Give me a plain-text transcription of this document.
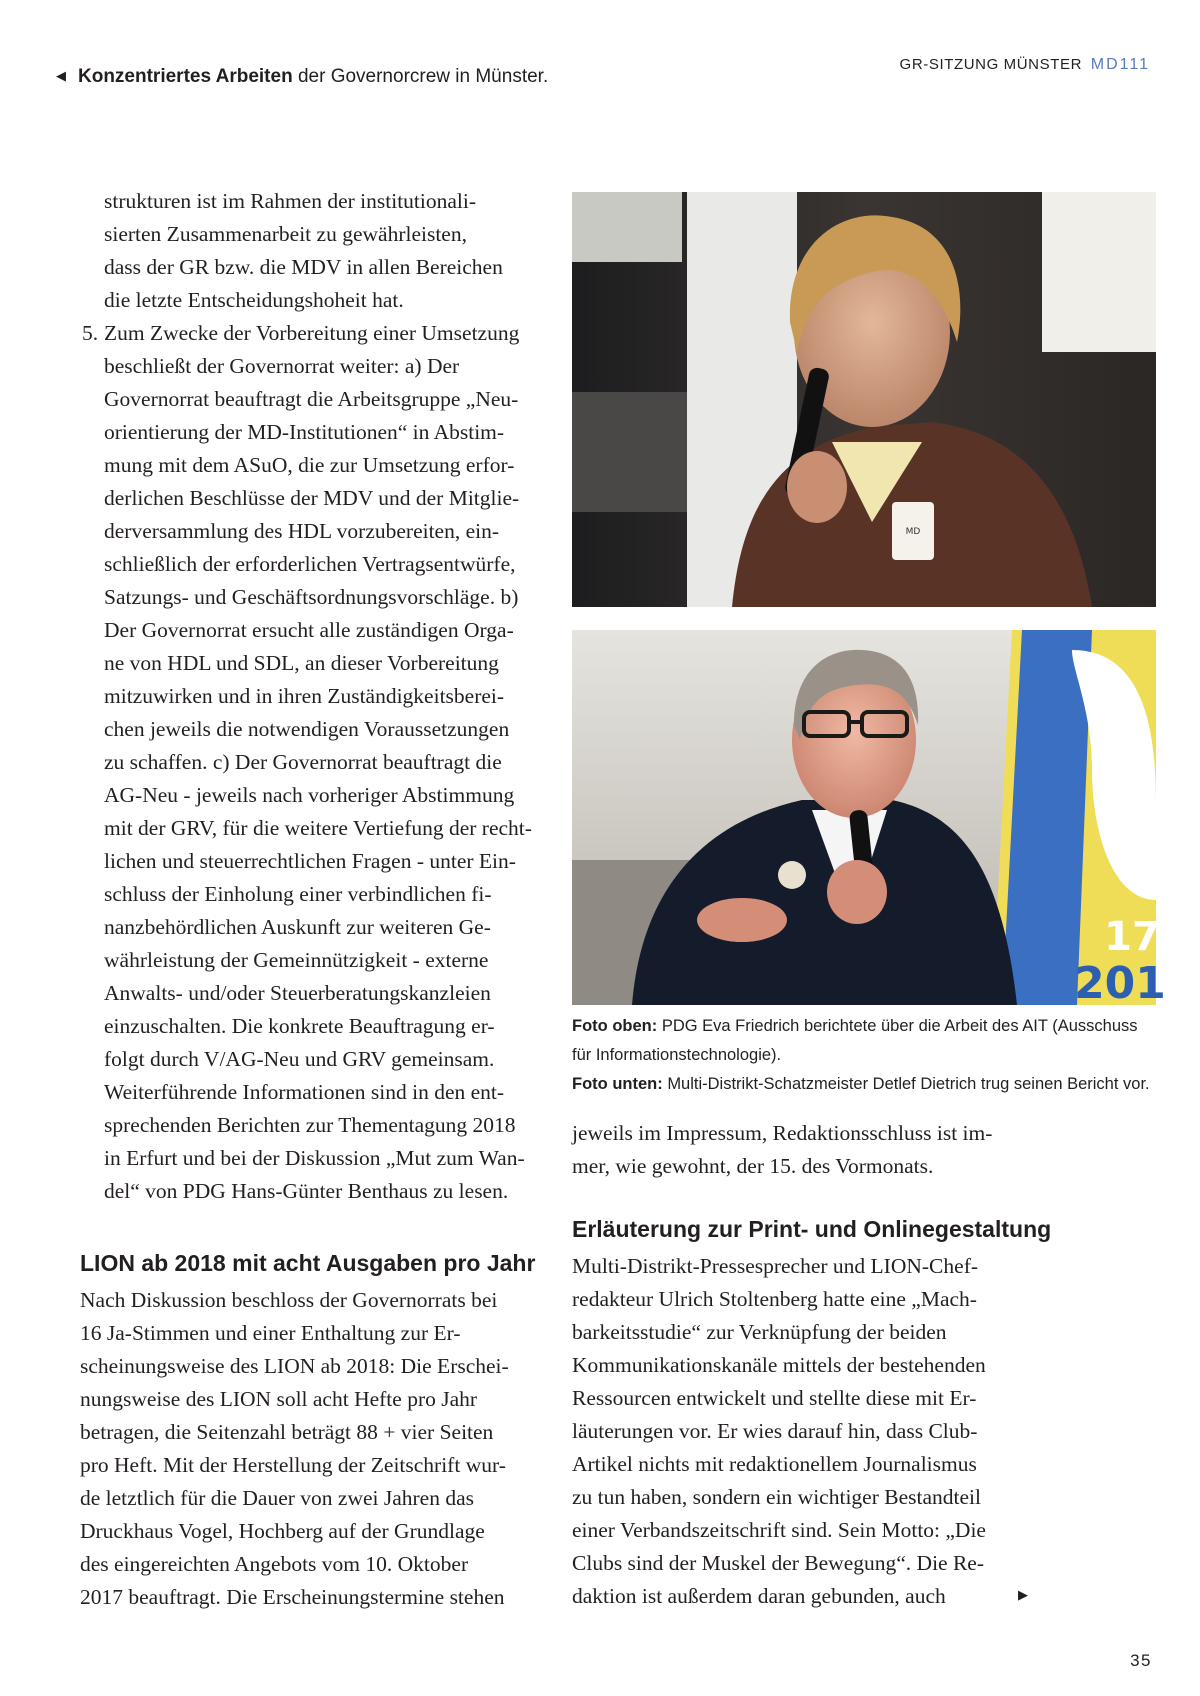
◀ Konzentriertes Arbeiten der Governorcrew in Münster.
GR-SITZUNG MÜNSTER MD111

strukturen ist im Rahmen der institutionali-

sierten Zusammenarbeit zu gewährleisten,

dass der GR bzw. die MDV in allen Bereichen

die letzte Entscheidungshoheit hat.

5. Zum Zwecke der Vorbereitung einer Umsetzung

beschließt der Governorrat weiter: a) Der

Governorrat beauftragt die Arbeitsgruppe „Neu-

orientierung der MD-Institutionen“ in Abstim-

mung mit dem ASuO, die zur Umsetzung erfor-

derlichen Beschlüsse der MDV und der Mitglie-

derversammlung des HDL vorzubereiten, ein-

schließlich der erforderlichen Vertragsentwürfe,

Satzungs- und Geschäftsordnungsvorschläge. b)

Der Governorrat ersucht alle zuständigen Orga-

ne von HDL und SDL, an dieser Vorbereitung

mitzuwirken und in ihren Zuständigkeitsberei-

chen jeweils die notwendigen Voraussetzungen

zu schaffen. c) Der Governorrat beauftragt die

AG-Neu - jeweils nach vorheriger Abstimmung

mit der GRV, für die weitere Vertiefung der recht-

lichen und steuerrechtlichen Fragen - unter Ein-

schluss der Einholung einer verbindlichen fi-

nanzbehördlichen Auskunft zur weiteren Ge-

währleistung der Gemeinnützigkeit - externe

Anwalts- und/oder Steuerberatungskanzleien

einzuschalten. Die konkrete Beauftragung er-

folgt durch V/AG-Neu und GRV gemeinsam.

Weiterführende Informationen sind in den ent-

sprechenden Berichten zur Thementagung 2018

in Erfurt und bei der Diskussion „Mut zum Wan-

del“ von PDG Hans-Günter Benthaus zu lesen.

LION ab 2018 mit acht Ausgaben pro Jahr

Nach Diskussion beschloss der Governorrats bei

16 Ja-Stimmen und einer Enthaltung zur Er-

scheinungsweise des LION ab 2018: Die Erschei-

nungsweise des LION soll acht Hefte pro Jahr

betragen, die Seitenzahl beträgt 88 + vier Seiten

pro Heft. Mit der Herstellung der Zeitschrift wur-

de letztlich für die Dauer von zwei Jahren das

Druckhaus Vogel, Hochberg auf der Grundlage

des eingereichten Angebots vom 10. Oktober

2017 beauftragt. Die Erscheinungstermine stehen

MD
17
201

Foto oben: PDG Eva Friedrich berichtete über die Arbeit des AIT (Ausschuss für Informationstechnologie).

Foto unten: Multi-Distrikt-Schatzmeister Detlef Dietrich trug seinen Bericht vor.

jeweils im Impressum, Redaktionsschluss ist im-

mer, wie gewohnt, der 15. des Vormonats.

Erläuterung zur Print- und Onlinegestaltung

Multi-Distrikt-Pressesprecher und LION-Chef-

redakteur Ulrich Stoltenberg hatte eine „Mach-

barkeitsstudie“ zur Verknüpfung der beiden

Kommunikationskanäle mittels der bestehenden

Ressourcen entwickelt und stellte diese mit Er-

läuterungen vor. Er wies darauf hin, dass Club-

Artikel nichts mit redaktionellem Journalismus

zu tun haben, sondern ein wichtiger Bestandteil

einer Verbandszeitschrift sind. Sein Motto: „Die

Clubs sind der Muskel der Bewegung“. Die Re-

daktion ist außerdem daran gebunden, auch	▶
35
